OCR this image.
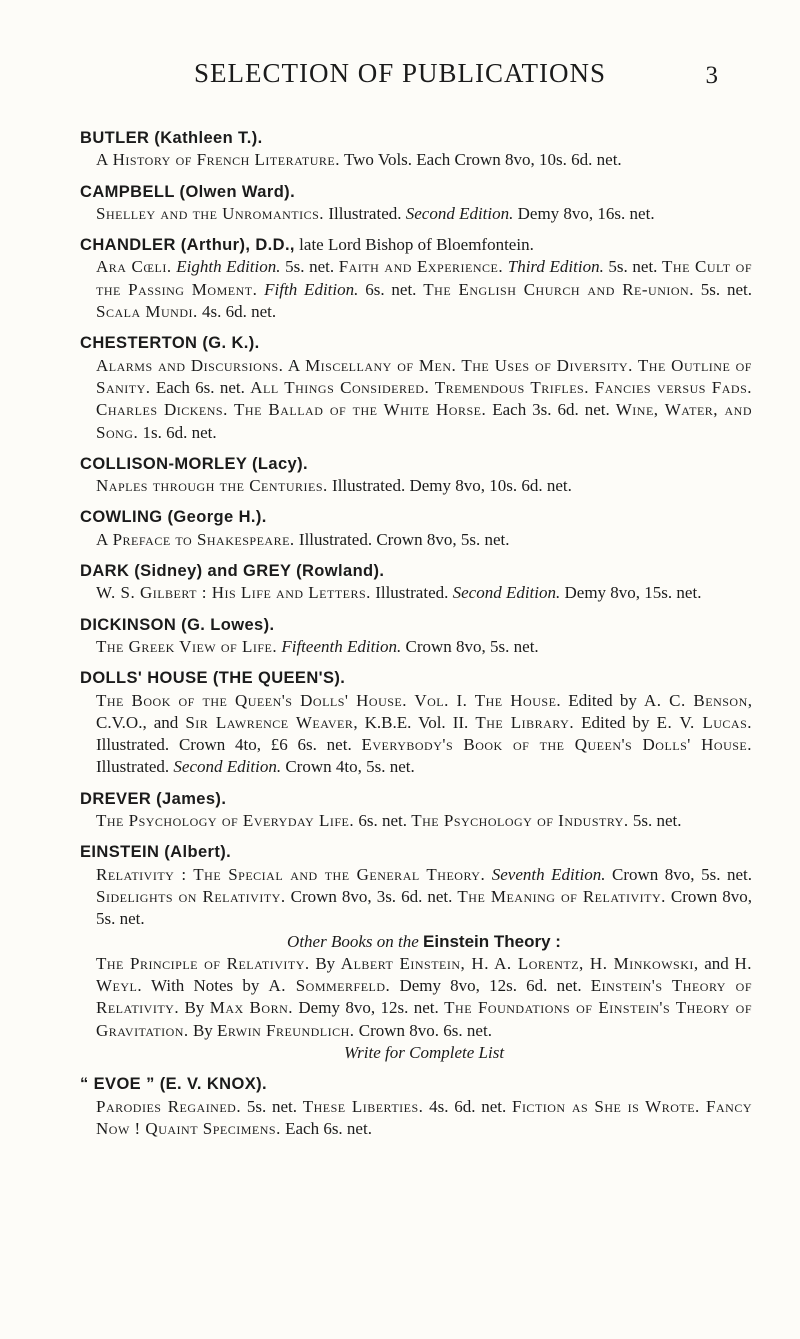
SELECTION OF PUBLICATIONS	3
BUTLER (Kathleen T.).
A History of French Literature. Two Vols. Each Crown 8vo, 10s. 6d. net.
CAMPBELL (Olwen Ward).
Shelley and the Unromantics. Illustrated. Second Edition. Demy 8vo, 16s. net.
CHANDLER (Arthur), D.D., late Lord Bishop of Bloemfontein.
Ara Cœli. Eighth Edition. 5s. net. Faith and Experience. Third Edition. 5s. net. The Cult of the Passing Moment. Fifth Edition. 6s. net. The English Church and Re-union. 5s. net. Scala Mundi. 4s. 6d. net.
CHESTERTON (G. K.).
Alarms and Discursions. A Miscellany of Men. The Uses of Diversity. The Outline of Sanity. Each 6s. net. All Things Considered. Tremendous Trifles. Fancies versus Fads. Charles Dickens. The Ballad of the White Horse. Each 3s. 6d. net. Wine, Water, and Song. 1s. 6d. net.
COLLISON-MORLEY (Lacy).
Naples through the Centuries. Illustrated. Demy 8vo, 10s. 6d. net.
COWLING (George H.).
A Preface to Shakespeare. Illustrated. Crown 8vo, 5s. net.
DARK (Sidney) and GREY (Rowland).
W. S. Gilbert : His Life and Letters. Illustrated. Second Edition. Demy 8vo, 15s. net.
DICKINSON (G. Lowes).
The Greek View of Life. Fifteenth Edition. Crown 8vo, 5s. net.
DOLLS' HOUSE (THE QUEEN'S).
The Book of the Queen's Dolls' House. Vol. I. The House. Edited by A. C. Benson, C.V.O., and Sir Lawrence Weaver, K.B.E. Vol. II. The Library. Edited by E. V. Lucas. Illustrated. Crown 4to, £6 6s. net. Everybody's Book of the Queen's Dolls' House. Illustrated. Second Edition. Crown 4to, 5s. net.
DREVER (James).
The Psychology of Everyday Life. 6s. net. The Psychology of Industry. 5s. net.
EINSTEIN (Albert).
Relativity : The Special and the General Theory. Seventh Edition. Crown 8vo, 5s. net. Sidelights on Relativity. Crown 8vo, 3s. 6d. net. The Meaning of Relativity. Crown 8vo, 5s. net.
Other Books on the Einstein Theory :
The Principle of Relativity. By Albert Einstein, H. A. Lorentz, H. Minkowski, and H. Weyl. With Notes by A. Sommerfeld. Demy 8vo, 12s. 6d. net. Einstein's Theory of Relativity. By Max Born. Demy 8vo, 12s. net. The Foundations of Einstein's Theory of Gravitation. By Erwin Freundlich. Crown 8vo. 6s. net.
Write for Complete List
“ EVOE ” (E. V. KNOX).
Parodies Regained. 5s. net. These Liberties. 4s. 6d. net. Fiction as She is Wrote. Fancy Now ! Quaint Specimens. Each 6s. net.
